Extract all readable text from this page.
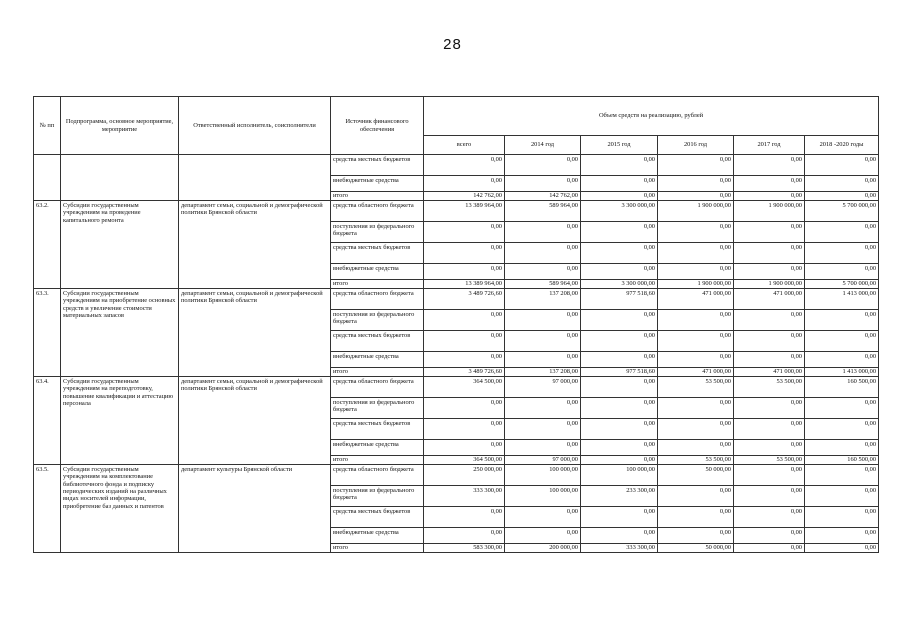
28
№ пп	Подпрограмма, основное мероприятие, мероприятие	Ответственный исполнитель, соисполнители	Источник финансового обеспечения	Объем средств на реализацию, рублей					
				всего	2014 год	2015 год	2016 год	2017 год	2018 -2020 годы
			средства местных бюджетов	0,00	0,00	0,00	0,00	0,00	0,00
			внебюджетные средства	0,00	0,00	0,00	0,00	0,00	0,00
			итого	142 762,00	142 762,00	0,00	0,00	0,00	0,00
63.2.	Субсидии государственным учреждениям на проведение капитального ремонта	департамент семьи, социальной и демографической политики Брянской области	средства областного бюджета	13 389 964,00	589 964,00	3 300 000,00	1 900 000,00	1 900 000,00	5 700 000,00
			поступления из федерального бюджета	0,00	0,00	0,00	0,00	0,00	0,00
			средства местных бюджетов	0,00	0,00	0,00	0,00	0,00	0,00
			внебюджетные средства	0,00	0,00	0,00	0,00	0,00	0,00
			итого	13 389 964,00	589 964,00	3 300 000,00	1 900 000,00	1 900 000,00	5 700 000,00
63.3.	Субсидии государственным учреждениям на приобретение основных средств и увеличение стоимости материальных запасов	департамент семьи, социальной и демографической политики Брянской области	средства областного бюджета	3 489 726,60	137 208,00	977 518,60	471 000,00	471 000,00	1 413 000,00
			поступления из федерального бюджета	0,00	0,00	0,00	0,00	0,00	0,00
			средства местных бюджетов	0,00	0,00	0,00	0,00	0,00	0,00
			внебюджетные средства	0,00	0,00	0,00	0,00	0,00	0,00
			итого	3 489 726,60	137 208,00	977 518,60	471 000,00	471 000,00	1 413 000,00
63.4.	Субсидии государственным учреждениям на переподготовку, повышение квалификации и аттестацию персонала	департамент семьи, социальной и демографической политики Брянской области	средства областного бюджета	364 500,00	97 000,00	0,00	53 500,00	53 500,00	160 500,00
			поступления из федерального бюджета	0,00	0,00	0,00	0,00	0,00	0,00
			средства местных бюджетов	0,00	0,00	0,00	0,00	0,00	0,00
			внебюджетные средства	0,00	0,00	0,00	0,00	0,00	0,00
			итого	364 500,00	97 000,00	0,00	53 500,00	53 500,00	160 500,00
63.5.	Субсидии государственным учреждениям на комплектование библиотечного фонда и подписку периодических изданий на различных видах носителей информации, приобретение баз данных и патентов	департамент культуры Брянской области	средства областного бюджета	250 000,00	100 000,00	100 000,00	50 000,00	0,00	0,00
			поступления из федерального бюджета	333 300,00	100 000,00	233 300,00	0,00	0,00	0,00
			средства местных бюджетов	0,00	0,00	0,00	0,00	0,00	0,00
			внебюджетные средства	0,00	0,00	0,00	0,00	0,00	0,00
			итого	583 300,00	200 000,00	333 300,00	50 000,00	0,00	0,00
